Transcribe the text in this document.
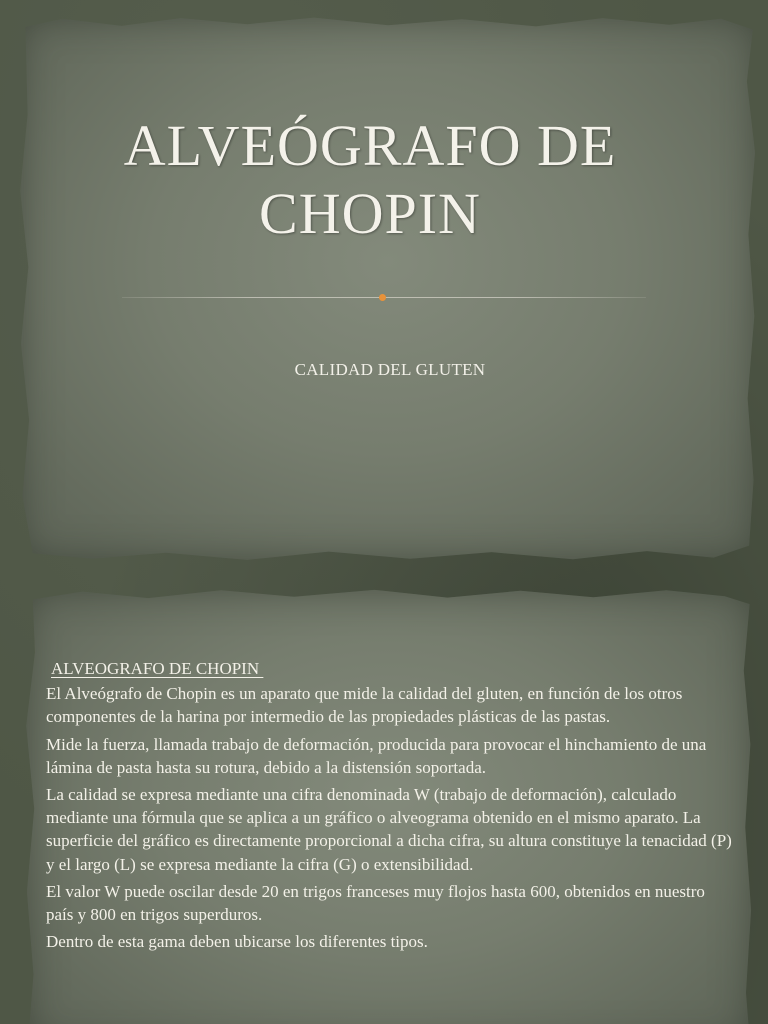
ALVEÓGRAFO DE
CHOPIN
CALIDAD DEL GLUTEN

ALVEOGRAFO DE CHOPIN

El Alveógrafo de Chopin es un aparato que mide la calidad del gluten, en función de los otros componentes de la harina por intermedio de las propiedades plásticas de las pastas.

Mide la fuerza, llamada trabajo de deformación, producida para provocar el hinchamiento de una lámina de pasta hasta su rotura, debido a la distensión soportada.

La calidad se expresa mediante una cifra denominada W (trabajo de deformación), calculado mediante una fórmula que se aplica a un gráfico o alveograma obtenido en el mismo aparato. La superficie del gráfico es directamente proporcional a dicha cifra, su altura constituye la tenacidad (P) y el largo (L) se expresa mediante la cifra (G) o extensibilidad.

El valor W puede oscilar desde 20 en trigos franceses muy flojos hasta 600, obtenidos en nuestro país y 800 en trigos superduros.

Dentro de esta gama deben ubicarse los diferentes tipos.
